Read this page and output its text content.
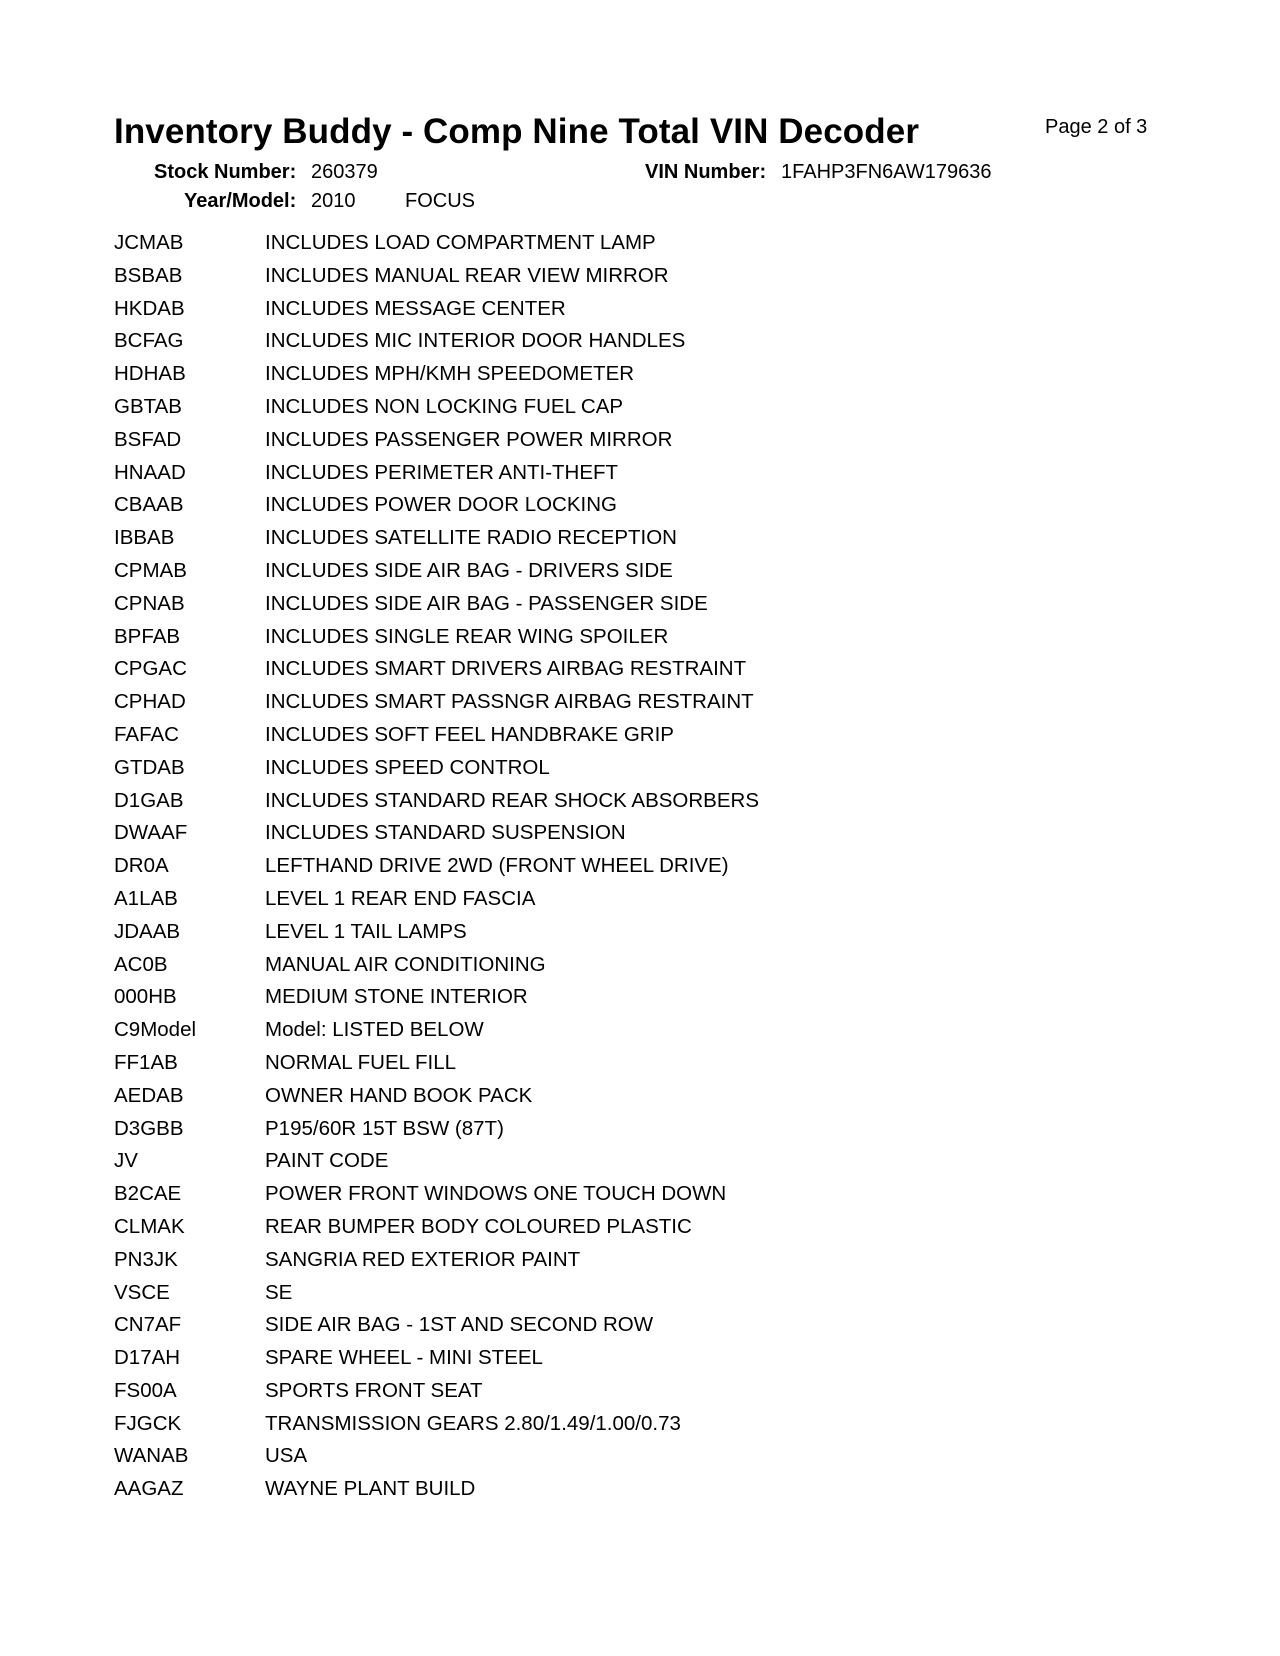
Inventory Buddy - Comp Nine Total VIN Decoder	Page 2 of 3
Stock Number: 260379	VIN Number: 1FAHP3FN6AW179636
Year/Model: 2010 FOCUS
JCMAB	INCLUDES LOAD COMPARTMENT LAMP
BSBAB	INCLUDES MANUAL REAR VIEW MIRROR
HKDAB	INCLUDES MESSAGE CENTER
BCFAG	INCLUDES MIC INTERIOR DOOR HANDLES
HDHAB	INCLUDES MPH/KMH SPEEDOMETER
GBTAB	INCLUDES NON LOCKING FUEL CAP
BSFAD	INCLUDES PASSENGER POWER MIRROR
HNAAD	INCLUDES PERIMETER ANTI-THEFT
CBAAB	INCLUDES POWER DOOR LOCKING
IBBAB	INCLUDES SATELLITE RADIO RECEPTION
CPMAB	INCLUDES SIDE AIR BAG - DRIVERS SIDE
CPNAB	INCLUDES SIDE AIR BAG - PASSENGER SIDE
BPFAB	INCLUDES SINGLE REAR WING SPOILER
CPGAC	INCLUDES SMART DRIVERS AIRBAG RESTRAINT
CPHAD	INCLUDES SMART PASSNGR AIRBAG RESTRAINT
FAFAC	INCLUDES SOFT FEEL HANDBRAKE GRIP
GTDAB	INCLUDES SPEED CONTROL
D1GAB	INCLUDES STANDARD REAR SHOCK ABSORBERS
DWAAF	INCLUDES STANDARD SUSPENSION
DR0A	LEFTHAND DRIVE 2WD (FRONT WHEEL DRIVE)
A1LAB	LEVEL 1 REAR END FASCIA
JDAAB	LEVEL 1 TAIL LAMPS
AC0B	MANUAL AIR CONDITIONING
000HB	MEDIUM STONE INTERIOR
C9Model	Model: LISTED BELOW
FF1AB	NORMAL FUEL FILL
AEDAB	OWNER HAND BOOK PACK
D3GBB	P195/60R 15T BSW (87T)
JV	PAINT CODE
B2CAE	POWER FRONT WINDOWS ONE TOUCH DOWN
CLMAK	REAR BUMPER BODY COLOURED PLASTIC
PN3JK	SANGRIA RED EXTERIOR PAINT
VSCE	SE
CN7AF	SIDE AIR BAG - 1ST AND SECOND ROW
D17AH	SPARE WHEEL - MINI STEEL
FS00A	SPORTS FRONT SEAT
FJGCK	TRANSMISSION GEARS 2.80/1.49/1.00/0.73
WANAB	USA
AAGAZ	WAYNE PLANT BUILD
